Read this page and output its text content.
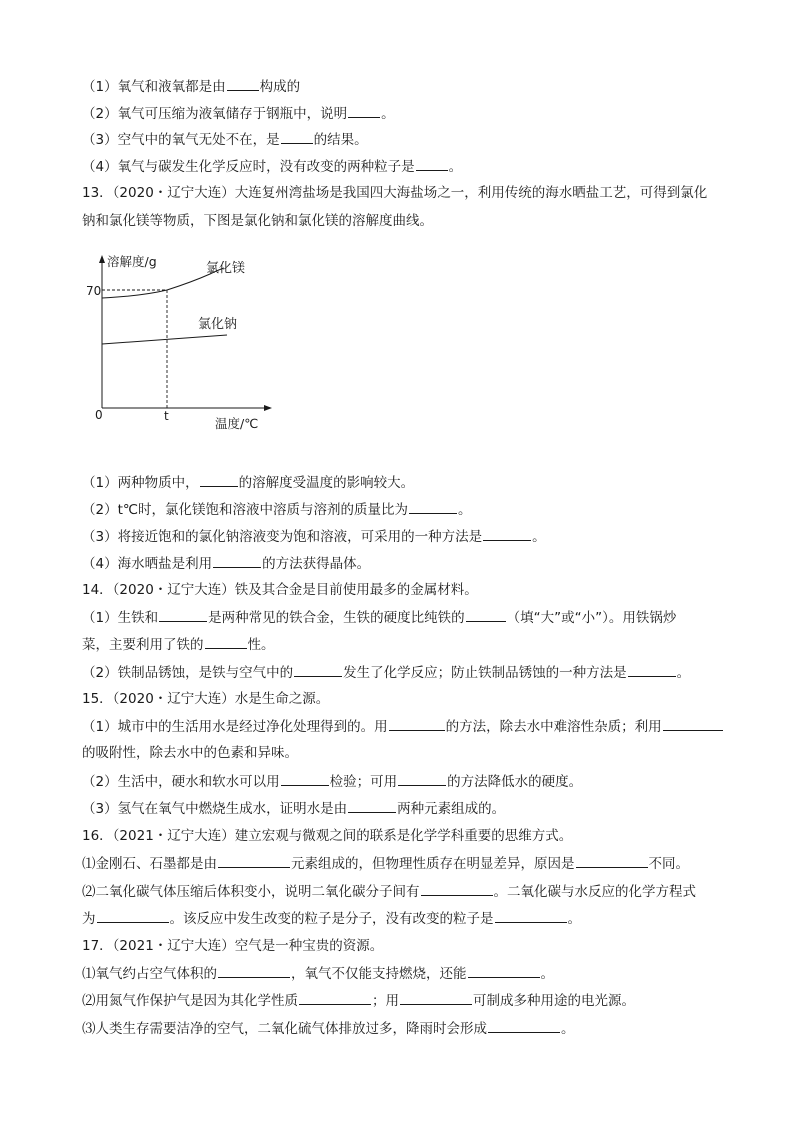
（1）氧气和液氧都是由	构成的
（2）氧气可压缩为液氧储存于钢瓶中，说明	。
（3）空气中的氧气无处不在，是	的结果。
（4）氧气与碳发生化学反应时，没有改变的两种粒子是	。
13．（2020・辽宁大连）大连复州湾盐场是我国四大海盐场之一，利用传统的海水晒盐工艺，可得到氯化
钠和氯化镁等物质，下图是氯化钠和氯化镁的溶解度曲线。
溶解度/g
温度/℃
0	t
70
氯化镁
氯化钠
（1）两种物质中，	的溶解度受温度的影响较大。
（2）t℃时，氯化镁饱和溶液中溶质与溶剂的质量比为	。
（3）将接近饱和的氯化钠溶液变为饱和溶液，可采用的一种方法是	。
（4）海水晒盐是利用	的方法获得晶体。
14．（2020・辽宁大连）铁及其合金是目前使用最多的金属材料。
（1）生铁和	是两种常见的铁合金，生铁的硬度比纯铁的	（填“大”或“小”）。用铁锅炒
菜，主要利用了铁的	性。
（2）铁制品锈蚀，是铁与空气中的	发生了化学反应；防止铁制品锈蚀的一种方法是	。
15．（2020・辽宁大连）水是生命之源。
（1）城市中的生活用水是经过净化处理得到的。用	的方法，除去水中难溶性杂质；利用
的吸附性，除去水中的色素和异味。
（2）生活中，硬水和软水可以用	检验；可用	的方法降低水的硬度。
（3）氢气在氧气中燃烧生成水，证明水是由	两种元素组成的。
16．（2021・辽宁大连）建立宏观与微观之间的联系是化学学科重要的思维方式。
⑴金刚石、石墨都是由	元素组成的，但物理性质存在明显差异，原因是	不同。
⑵二氧化碳气体压缩后体积变小，说明二氧化碳分子间有	。二氧化碳与水反应的化学方程式
为	。该反应中发生改变的粒子是分子，没有改变的粒子是	。
17．（2021・辽宁大连）空气是一种宝贵的资源。
⑴氧气约占空气体积的	，氧气不仅能支持燃烧，还能	。
⑵用氮气作保护气是因为其化学性质	；用	可制成多种用途的电光源。
⑶人类生存需要洁净的空气，二氧化硫气体排放过多，降雨时会形成	。
